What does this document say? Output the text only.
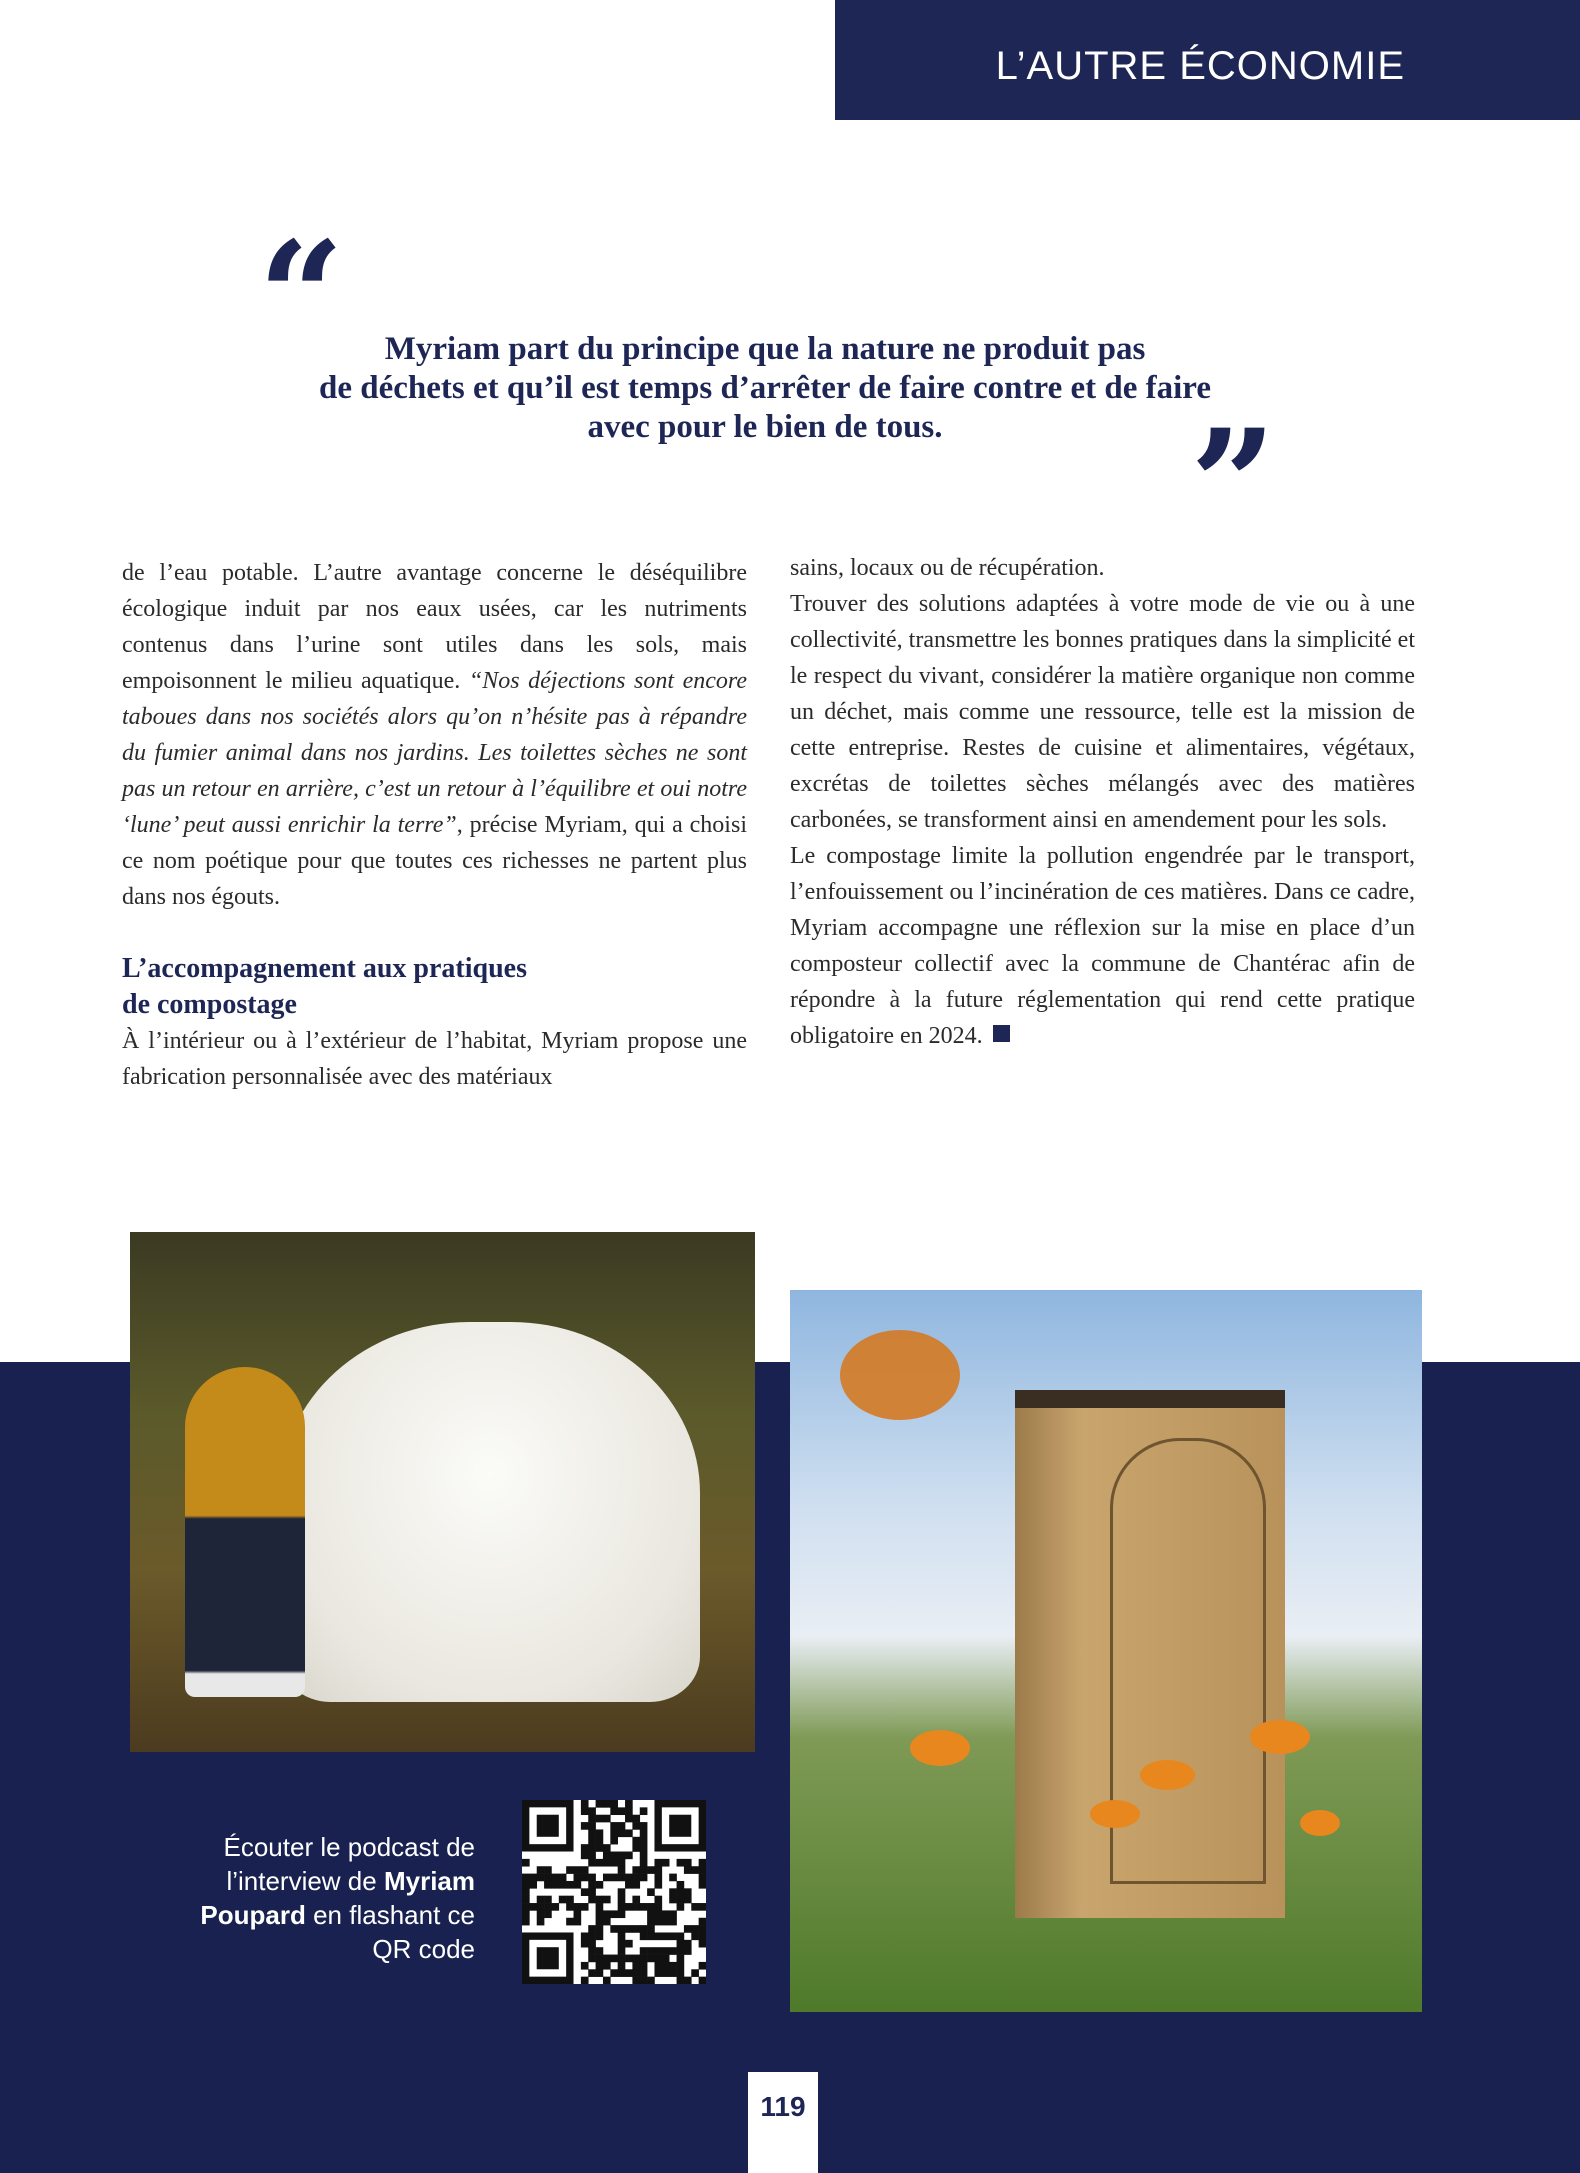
L’AUTRE ÉCONOMIE
“	Myriam part du principe que la nature ne produit pas
de déchets et qu’il est temps d’arrêter de faire contre et de faire
avec pour le bien de tous.	”

de l’eau potable. L’autre avantage concerne le déséquilibre écologique induit par nos eaux usées, car les nutriments contenus dans l’urine sont utiles dans les sols, mais empoisonnent le milieu aquatique. “Nos déjections sont encore taboues dans nos sociétés alors qu’on n’hésite pas à répandre du fumier animal dans nos jardins. Les toilettes sèches ne sont pas un retour en arrière, c’est un retour à l’équilibre et oui notre ‘lune’ peut aussi enrichir la terre”, précise Myriam, qui a choisi ce nom poétique pour que toutes ces richesses ne partent plus dans nos égouts.

L’accompagnement aux pratiques
de compostage

À l’intérieur ou à l’extérieur de l’habitat, Myriam propose une fabrication personnalisée avec des matériaux

sains, locaux ou de récupération.

Trouver des solutions adaptées à votre mode de vie ou à une collectivité, transmettre les bonnes pratiques dans la simplicité et le respect du vivant, considérer la matière organique non comme un déchet, mais comme une ressource, telle est la mission de cette entreprise. Restes de cuisine et alimentaires, végétaux, excrétas de toilettes sèches mélangés avec des matières carbonées, se transforment ainsi en amendement pour les sols.

Le compostage limite la pollution engendrée par le transport, l’enfouissement ou l’incinération de ces matières. Dans ce cadre, Myriam accompagne une réflexion sur la mise en place d’un composteur collectif avec la commune de Chantérac afin de répondre à la future réglementation qui rend cette pratique obligatoire en 2024.

Écouter le podcast de l’interview de Myriam Poupard en flashant ce QR code

119
